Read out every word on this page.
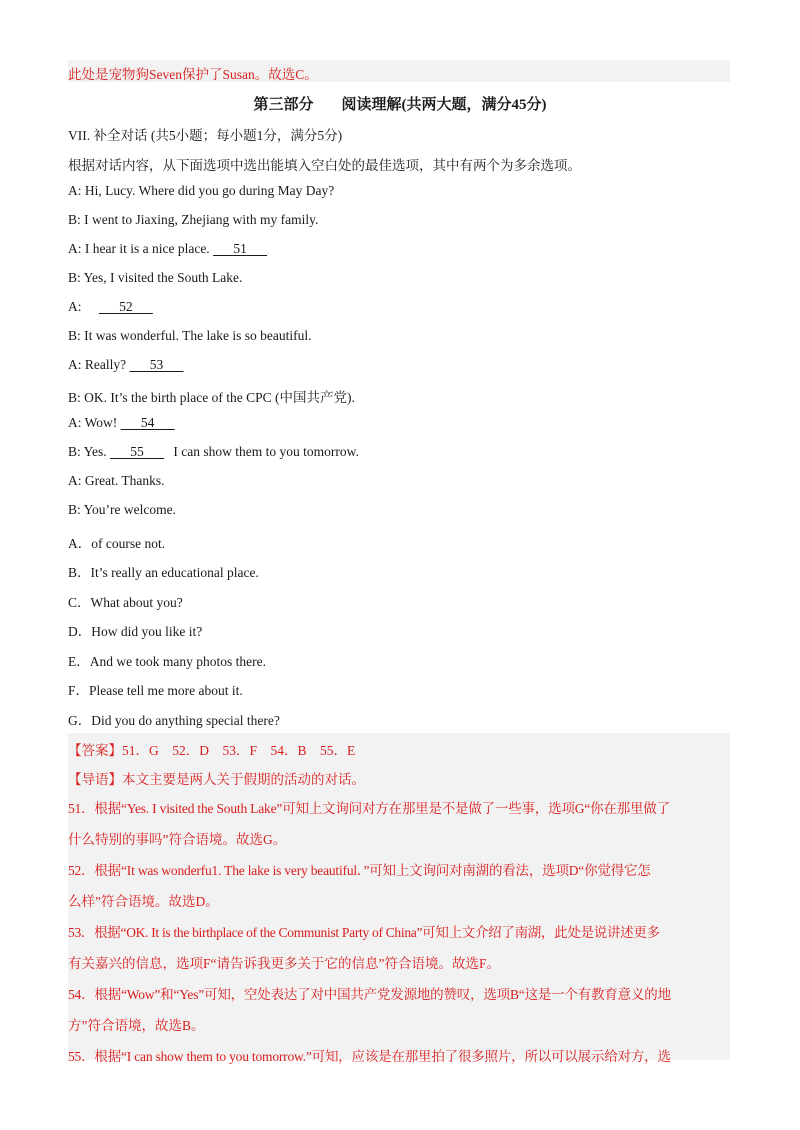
此处是宠物狗Seven保护了Susan。故选C。
第三部分 阅读理解(共两大题，满分45分)
VII. 补全对话 (共5小题；每小题1分，满分5分)
根据对话内容，从下面选项中选出能填入空白处的最佳选项，其中有两个为多余选项。
A: Hi, Lucy. Where did you go during May Day?
B: I went to Jiaxing, Zhejiang with my family.
A: I hear it is a nice place. 51
B: Yes, I visited the South Lake.
A:	52
B: It was wonderful. The lake is so beautiful.
A: Really? 53
B: OK. It’s the birth place of the CPC (中国共产党).
A: Wow! 54
B: Yes. 55 I can show them to you tomorrow.
A: Great. Thanks.
B: You’re welcome.
A．of course not.
B．It’s really an educational place.
C．What about you?
D．How did you like it?
E．And we took many photos there.
F．Please tell me more about it.
G．Did you do anything special there?
【答案】51．G    52．D    53．F    54．B    55．E
【导语】本文主要是两人关于假期的活动的对话。
51．根据“Yes. I visited the South Lake”可知上文询问对方在那里是不是做了一些事，选项G“你在那里做了
什么特别的事吗”符合语境。故选G。
52．根据“It was wonderfu1. The lake is very beautiful．”可知上文询问对南湖的看法，选项D“你觉得它怎
么样”符合语境。故选D。
53．根据“OK. It is the birthplace of the Communist Party of China”可知上文介绍了南湖，此处是说讲述更多
有关嘉兴的信息，选项F“请告诉我更多关于它的信息”符合语境。故选F。
54．根据“Wow”和“Yes”可知，空处表达了对中国共产党发源地的赞叹，选项B“这是一个有教育意义的地
方”符合语境，故选B。
55．根据“I can show them to you tomorrow.”可知，应该是在那里拍了很多照片，所以可以展示给对方，选
